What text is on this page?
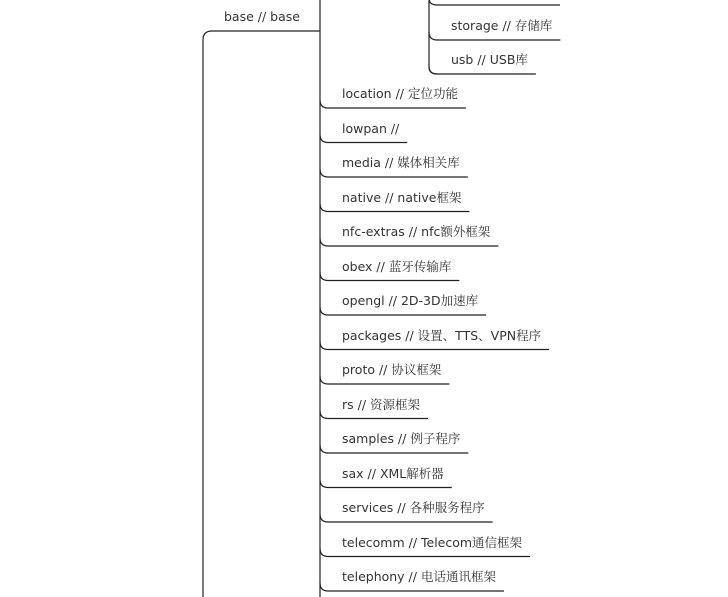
base // base
location // 定位功能
lowpan //
media // 媒体相关库
native // native框架
nfc-extras // nfc额外框架
obex // 蓝牙传输库
opengl // 2D-3D加速库
packages // 设置、TTS、VPN程序
proto // 协议框架
rs // 资源框架
samples // 例子程序
sax // XML解析器
services // 各种服务程序
telecomm // Telecom通信框架
telephony // 电话通讯框架
storage // 存储库
usb // USB库
